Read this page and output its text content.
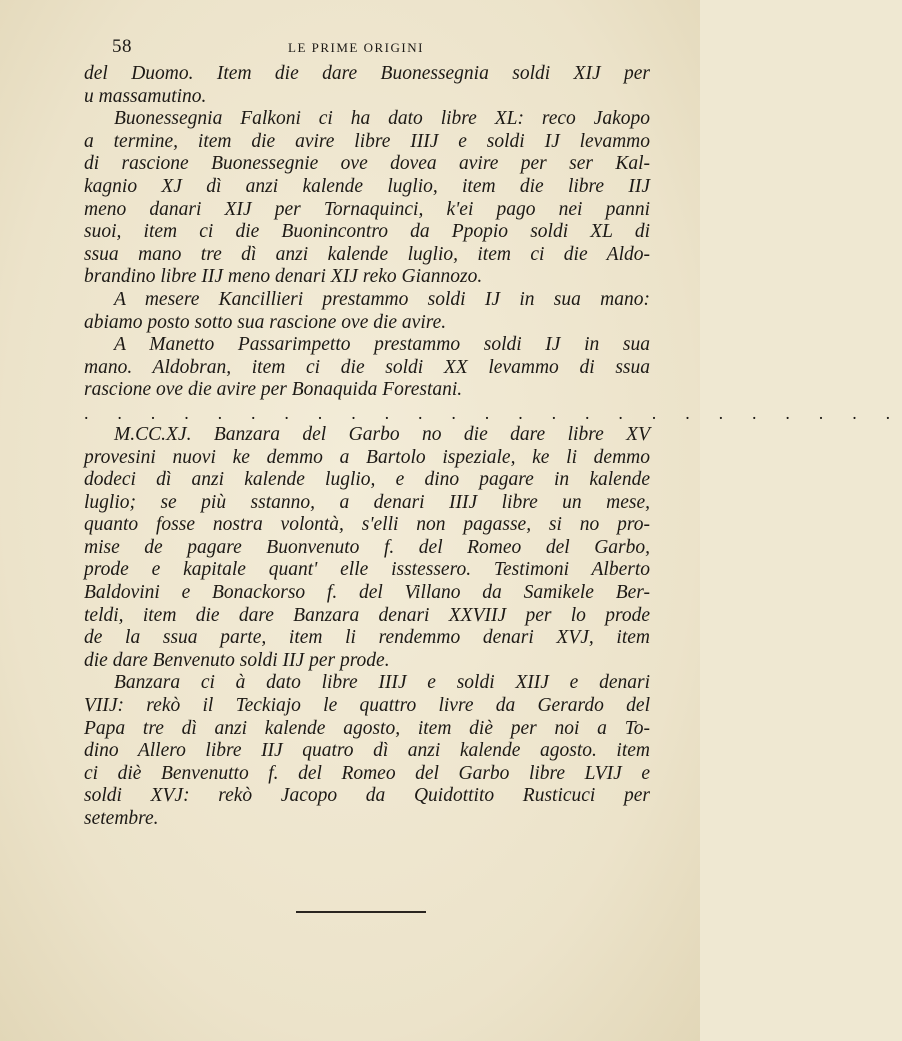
58	LE PRIME ORIGINI
del Duomo. Item die dare Buonessegnia soldi XIJ per
u massamutino.
Buonessegnia Falkoni ci ha dato libre XL: reco Jakopo
a termine, item die avire libre IIIJ e soldi IJ levammo
di rascione Buonessegnie ove dovea avire per ser Kal-
kagnio XJ dì anzi kalende luglio, item die libre IIJ
meno danari XIJ per Tornaquinci, k'ei pago nei panni
suoi, item ci die Buonincontro da Ppopio soldi XL di
ssua mano tre dì anzi kalende luglio, item ci die Aldo-
brandino libre IIJ meno denari XIJ reko Giannozo.
A mesere Kancillieri prestammo soldi IJ in sua mano:
abiamo posto sotto sua rascione ove die avire.
A Manetto Passarimpetto prestammo soldi IJ in sua
mano. Aldobran, item ci die soldi XX levammo di ssua
rascione ove die avire per Bonaquida Forestani.
. . . . . . . . . . . . . . . . . . . . . . . . .
M.CC.XJ. Banzara del Garbo no die dare libre XV
provesini nuovi ke demmo a Bartolo ispeziale, ke li demmo
dodeci dì anzi kalende luglio, e dino pagare in kalende
luglio; se più sstanno, a denari IIIJ libre un mese,
quanto fosse nostra volontà, s'elli non pagasse, si no pro-
mise de pagare Buonvenuto f. del Romeo del Garbo,
prode e kapitale quant' elle isstessero. Testimoni Alberto
Baldovini e Bonackorso f. del Villano da Samikele Ber-
teldi, item die dare Banzara denari XXVIIJ per lo prode
de la ssua parte, item li rendemmo denari XVJ, item
die dare Benvenuto soldi IIJ per prode.
Banzara ci à dato libre IIIJ e soldi XIIJ e denari
VIIJ: rekò il Teckiajo le quattro livre da Gerardo del
Papa tre dì anzi kalende agosto, item diè per noi a To-
dino Allero libre IIJ quatro dì anzi kalende agosto. item
ci diè Benvenutto f. del Romeo del Garbo libre LVIJ e
soldi XVJ: rekò Jacopo da Quidottito Rusticuci per
setembre.
